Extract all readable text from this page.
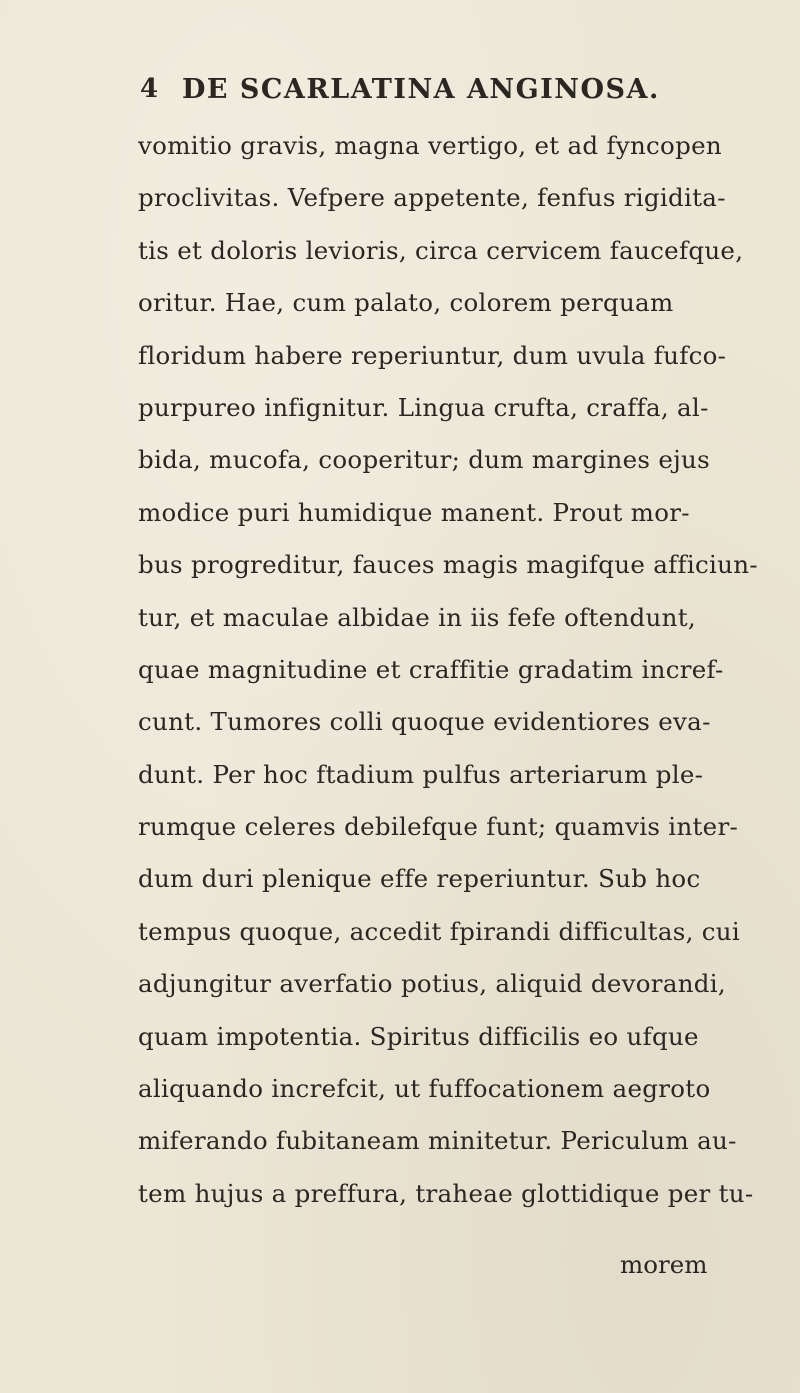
4 DE SCARLATINA ANGINOSA.
vomitio gravis, magna vertigo, et ad fyncopen
proclivitas. Vefpere appetente, fenfus rigidita-
tis et doloris levioris, circa cervicem faucefque,
oritur. Hae, cum palato, colorem perquam
floridum habere reperiuntur, dum uvula fufco-
purpureo infignitur. Lingua crufta, craffa, al-
bida, mucofa, cooperitur; dum margines ejus
modice puri humidique manent. Prout mor-
bus progreditur, fauces magis magifque afficiun-
tur, et maculae albidae in iis fefe oftendunt,
quae magnitudine et craffitie gradatim incref-
cunt. Tumores colli quoque evidentiores eva-
dunt. Per hoc ftadium pulfus arteriarum ple-
rumque celeres debilefque funt; quamvis inter-
dum duri plenique effe reperiuntur. Sub hoc
tempus quoque, accedit fpirandi difficultas, cui
adjungitur averfatio potius, aliquid devorandi,
quam impotentia. Spiritus difficilis eo ufque
aliquando increfcit, ut fuffocationem aegroto
miferando fubitaneam minitetur. Periculum au-
tem hujus a preffura, traheae glottidique per tu-
morem
